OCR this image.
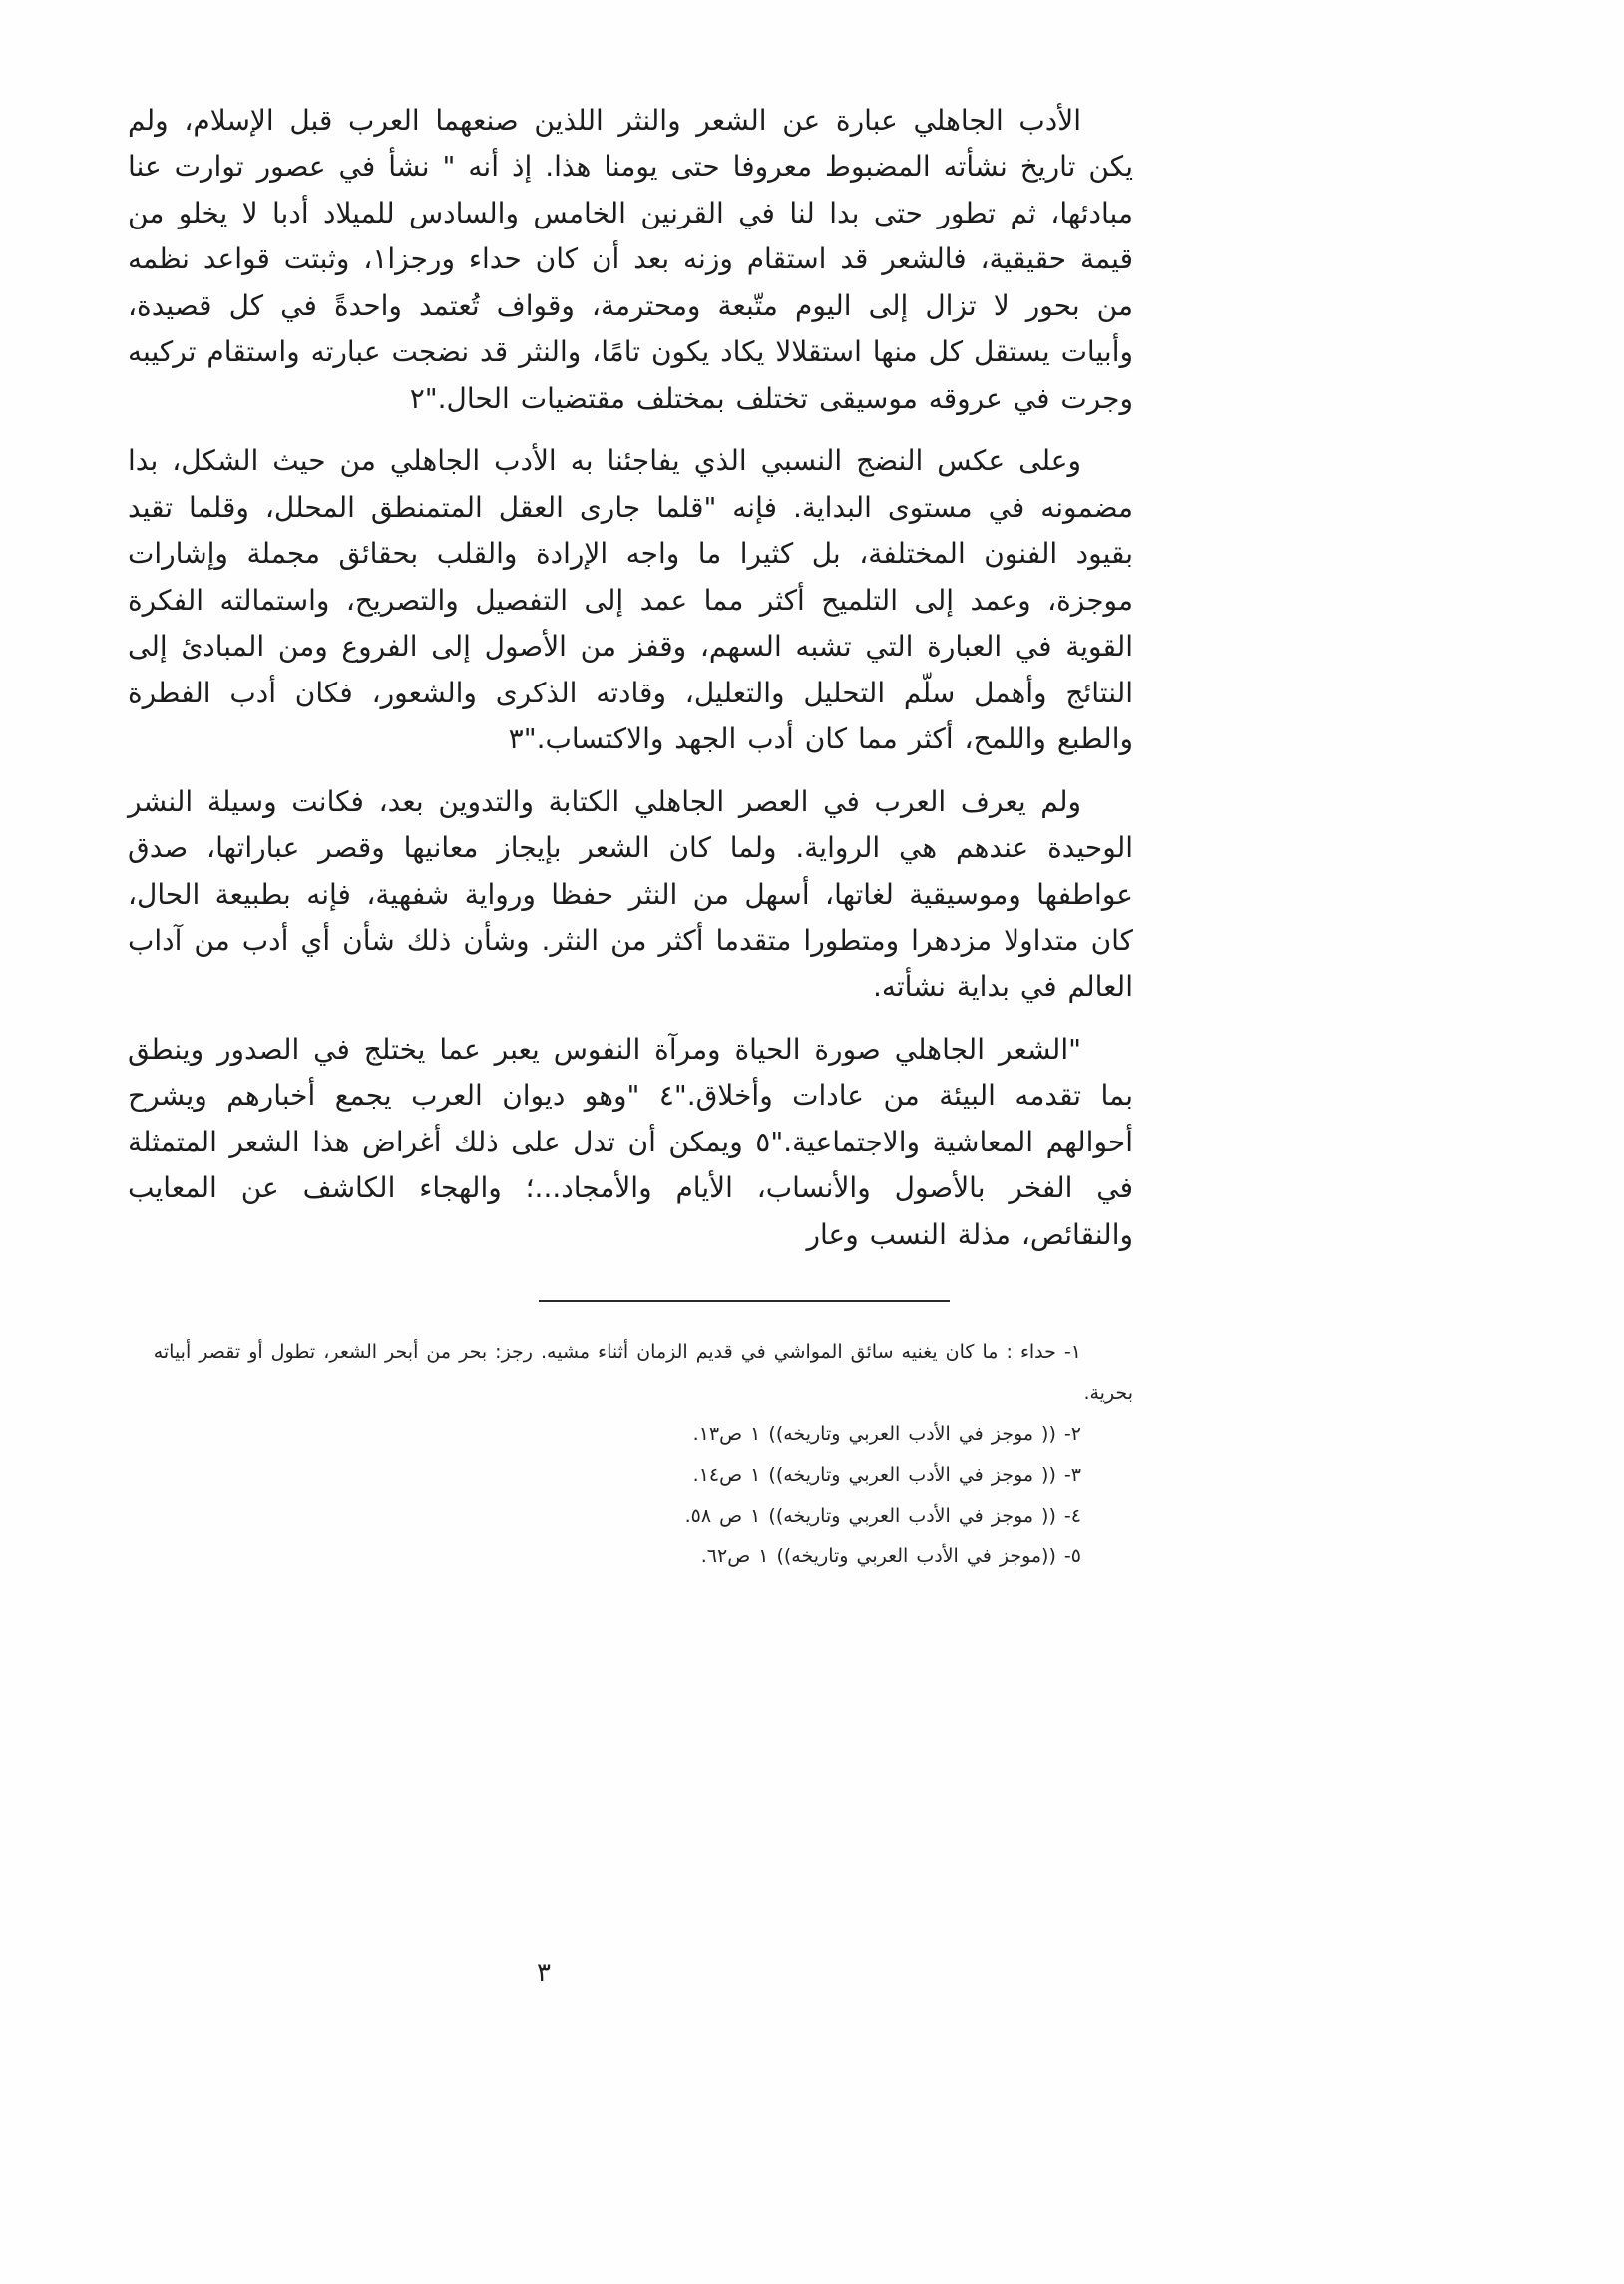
الأدب الجاهلي عبارة عن الشعر والنثر اللذين صنعهما العرب قبل الإسلام، ولم يكن تاريخ نشأته المضبوط معروفا حتى يومنا هذا. إذ أنه " نشأ في عصور توارت عنا مبادئها، ثم تطور حتى بدا لنا في القرنين الخامس والسادس للميلاد أدبا لا يخلو من قيمة حقيقية، فالشعر قد استقام وزنه بعد أن كان حداء ورجزا١، وثبتت قواعد نظمه من بحور لا تزال إلى اليوم متّبعة ومحترمة، وقواف تُعتمد واحدةً في كل قصيدة، وأبيات يستقل كل منها استقلالا يكاد يكون تامًا، والنثر قد نضجت عبارته واستقام تركيبه وجرت في عروقه موسيقى تختلف بمختلف مقتضيات الحال."٢

وعلى عكس النضج النسبي الذي يفاجئنا به الأدب الجاهلي من حيث الشكل، بدا مضمونه في مستوى البداية. فإنه "قلما جارى العقل المتمنطق المحلل، وقلما تقيد بقيود الفنون المختلفة، بل كثيرا ما واجه الإرادة والقلب بحقائق مجملة وإشارات موجزة، وعمد إلى التلميح أكثر مما عمد إلى التفصيل والتصريح، واستمالته الفكرة القوية في العبارة التي تشبه السهم، وقفز من الأصول إلى الفروع ومن المبادئ إلى النتائج وأهمل سلّم التحليل والتعليل، وقادته الذكرى والشعور، فكان أدب الفطرة والطبع واللمح، أكثر مما كان أدب الجهد والاكتساب."٣

ولم يعرف العرب في العصر الجاهلي الكتابة والتدوين بعد، فكانت وسيلة النشر الوحيدة عندهم هي الرواية. ولما كان الشعر بإيجاز معانيها وقصر عباراتها، صدق عواطفها وموسيقية لغاتها، أسهل من النثر حفظا ورواية شفهية، فإنه بطبيعة الحال، كان متداولا مزدهرا ومتطورا متقدما أكثر من النثر. وشأن ذلك شأن أي أدب من آداب العالم في بداية نشأته.

"الشعر الجاهلي صورة الحياة ومرآة النفوس يعبر عما يختلج في الصدور وينطق بما تقدمه البيئة من عادات وأخلاق."٤ "وهو ديوان العرب يجمع أخبارهم ويشرح أحوالهم المعاشية والاجتماعية."٥ ويمكن أن تدل على ذلك أغراض هذا الشعر المتمثلة في الفخر بالأصول والأنساب، الأيام والأمجاد...؛ والهجاء الكاشف عن المعايب والنقائص، مذلة النسب وعار

١- حداء : ما كان يغنيه سائق المواشي في قديم الزمان أثناء مشيه. رجز: بحر من أبحر الشعر، تطول أو تقصر أبياته بحرية.

٢- (( موجز في الأدب العربي وتاريخه)) ١ ص١٣.

٣- (( موجز في الأدب العربي وتاريخه)) ١ ص١٤.

٤- (( موجز في الأدب العربي وتاريخه)) ١ ص ٥٨.

٥- ((موجز في الأدب العربي وتاريخه)) ١ ص٦٢.

٣
